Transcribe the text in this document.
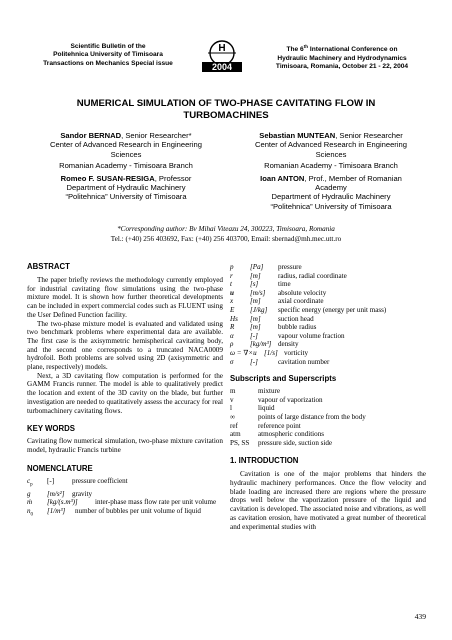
Scientific Bulletin of the
Politehnica University of Timisoara
Transactions on Mechanics Special issue
H
2004
The 6th International Conference on
Hydraulic Machinery and Hydrodynamics
Timisoara, Romania, October 21 - 22, 2004
NUMERICAL SIMULATION OF TWO-PHASE CAVITATING FLOW IN TURBOMACHINES
Sandor BERNAD, Senior Researcher*
Center of Advanced Research in Engineering
Sciences
Romanian Academy - Timisoara Branch
Romeo F. SUSAN-RESIGA, Professor
Department of Hydraulic Machinery
“Politehnica” University of Timisoara
Sebastian MUNTEAN, Senior Researcher
Center of Advanced Research in Engineering
Sciences
Romanian Academy - Timisoara Branch
Ioan ANTON, Prof., Member of Romanian
Academy
Department of Hydraulic Machinery
“Politehnica” University of Timisoara
*Corresponding author: Bv Mihai Viteazu 24, 300223, Timisoara, Romania
Tel.: (+40) 256 403692, Fax: (+40) 256 403700, Email: sbernad@mh.mec.utt.ro
ABSTRACT

The paper briefly reviews the methodology currently employed for industrial cavitating flow simulations using the two-phase mixture model. It is shown how further theoretical developments can be included in expert commercial codes such as FLUENT using the User Defined Function facility.

The two-phase mixture model is evaluated and validated using two benchmark problems where experimental data are available. The first case is the axisymmetric hemispherical cavitating body, and the second one corresponds to a truncated NACA0009 hydrofoil. Both problems are solved using 2D (axisymmetric and plane, respectively) models.

Next, a 3D cavitating flow computation is performed for the GAMM Francis runner. The model is able to qualitatively predict the location and extent of the 3D cavity on the blade, but further investigation are needed to quatitatively assess the accuracy for real turbomachinery cavitating flows.

KEY WORDS
Cavitating flow numerical simulation, two-phase mixture cavitation model, hydraulic Francis turbine
NOMENCLATURE
$c_p$	[-]	pressure coefficient
g	[m/s²]	gravity
ṁ	[kg/(s.m³)]	inter-phase mass flow rate per unit volume
$n_0$	[1/m³]	number of bubbles per unit volume of liquid
p	[Pa]	pressure
r	[m]	radius, radial coordinate
t	[s]	time
u	[m/s]	absolute velocity
x	[m]	axial coordinate
E	[J/kg]	specific energy (energy per unit mass)
Hs	[m]	suction head
R	[m]	bubble radius
α	[-]	vapour volume fraction
ρ	[kg/m³] density
ω = ∇×u	[1/s] vorticity
σ	[-]	cavitation number
Subscripts and Superscripts
m	mixture
v	vapour of vaporization
l	liquid
∞	points of large distance from the body
ref	reference point
atm	atmospheric conditions
PS, SS	pressure side, suction side
1. INTRODUCTION

Cavitation is one of the major problems that hinders the hydraulic machinery performances. Once the flow velocity and blade loading are increased there are regions where the pressure drops well below the vaporization pressure of the liquid and cavitation is developed. The associated noise and vibrations, as well as cavitation erosion, have motivated a great number of theoretical and experimental studies with

439
